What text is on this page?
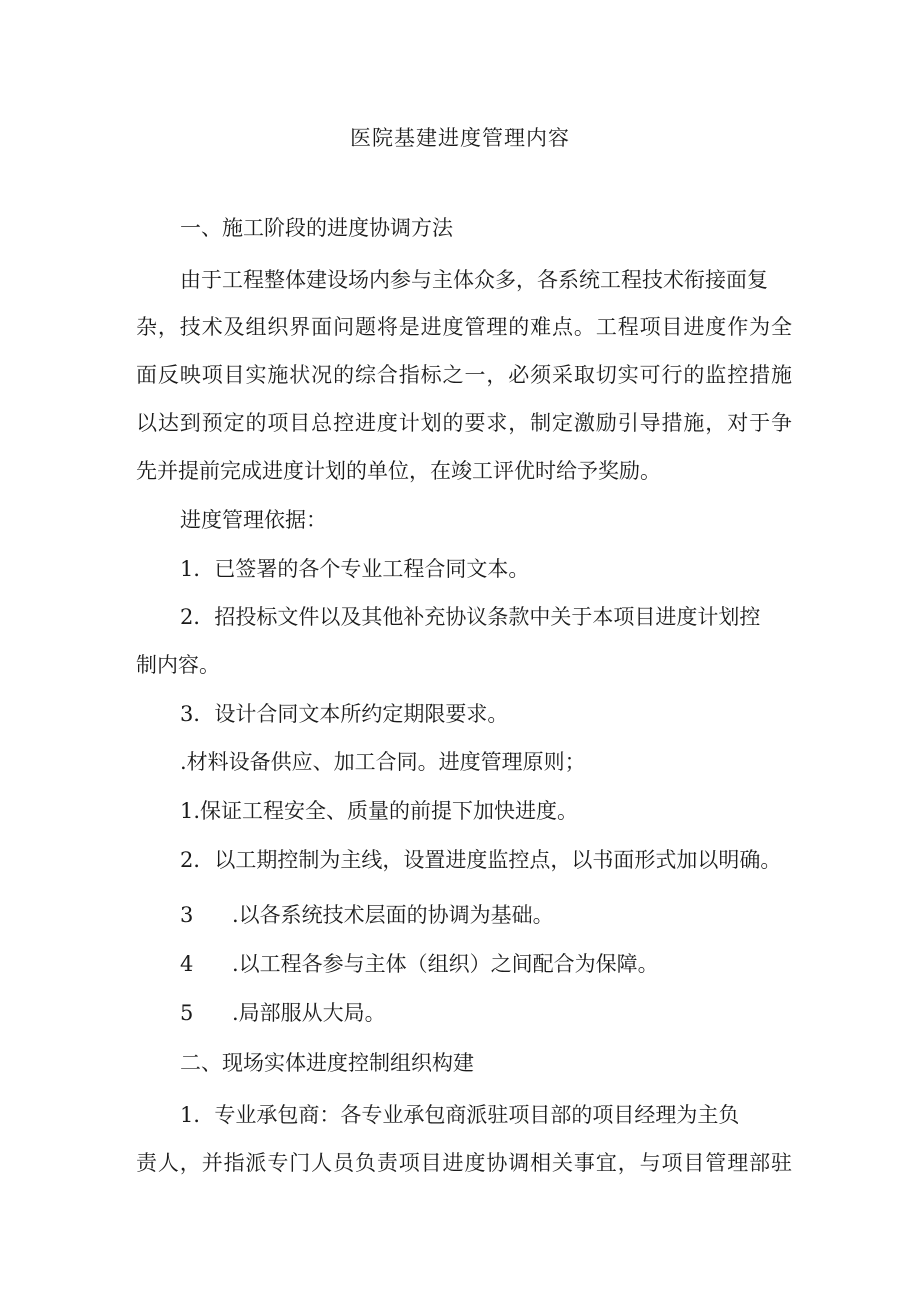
医院基建进度管理内容
一、施工阶段的进度协调方法
由于工程整体建设场内参与主体众多，各系统工程技术衔接面复
杂，技术及组织界面问题将是进度管理的难点。工程项目进度作为全
面反映项目实施状况的综合指标之一，必须采取切实可行的监控措施
以达到预定的项目总控进度计划的要求，制定激励引导措施，对于争
先并提前完成进度计划的单位，在竣工评优时给予奖励。
进度管理依据：
1．已签署的各个专业工程合同文本。
2．招投标文件以及其他补充协议条款中关于本项目进度计划控
制内容。
3．设计合同文本所约定期限要求。
.材料设备供应、加工合同。进度管理原则；
1.保证工程安全、质量的前提下加快进度。
2．以工期控制为主线，设置进度监控点，以书面形式加以明确。
3 .以各系统技术层面的协调为基础。
4 .以工程各参与主体（组织）之间配合为保障。
5 .局部服从大局。
二、现场实体进度控制组织构建
1．专业承包商：各专业承包商派驻项目部的项目经理为主负
责人，并指派专门人员负责项目进度协调相关事宜，与项目管理部驻
